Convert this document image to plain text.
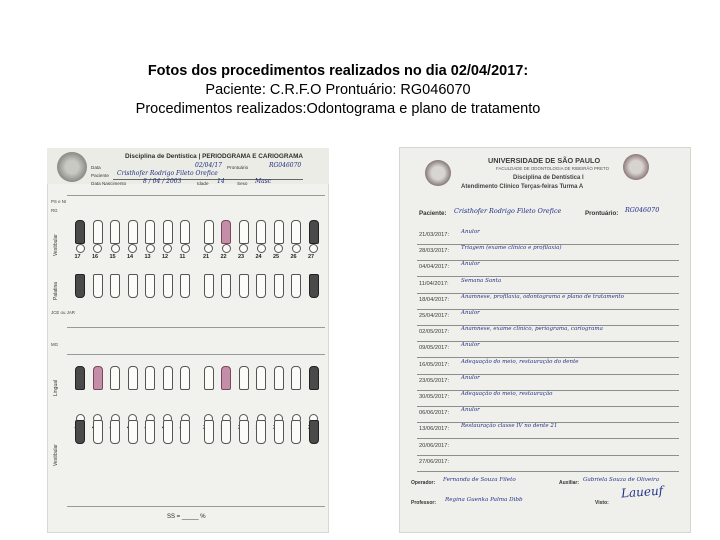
Fotos dos procedimentos realizados no dia 02/04/2017:
Paciente: C.R.F.O Prontuário: RG046070
Procedimentos realizados:Odontograma e plano de tratamento
Disciplina de Dentística | PERIODGRAMA E CARIOGRAMA
Data	02/04/17 Prontuário	RG046070
Paciente Cristhofer Rodrigo Fileto Orefice
Data Nascimento	8 / 04 / 2003	Idade 14	Sexo Masc
PS e NI
RG
Vestibular
Palatina
JCE ou JAR
MG
Lingual
Vestibular
17 16 15 14 13 12 11	21 22 23 24 25 26 27
SS = _____ %
UNIVERSIDADE DE SÃO PAULO
FACULDADE DE ODONTOLOGIA DE RIBEIRÃO PRETO
Disciplina de Dentística I
Atendimento Clínico Terças-feiras Turma A
Paciente: Cristhofer Rodrigo Fileto Orefice	Prontuário: RG046070
21/03/2017: Anulor
28/03/2017: Triagem (exame clínico e profilaxia)
04/04/2017: Anulor
11/04/2017: Semana Santa
18/04/2017: Anamnese, profilaxia, odontograma e plano de tratamento
25/04/2017: Anulor
02/05/2017: Anamnese, exame clínico, periograma, cariograma
09/05/2017: Anulor
16/05/2017: Adequação do meio, restauração do dente
23/05/2017: Anulor
30/05/2017: Adequação do meio, restauração
06/06/2017: Anulor
13/06/2017: Restauração classe IV no dente 21
20/06/2017:
27/06/2017:
Operador: Fernanda de Souza Fileto	Auxiliar: Gabriela Souza de Oliveira
Professor: Regina Guenka Palma Dibb	Visto:
Laueuf
